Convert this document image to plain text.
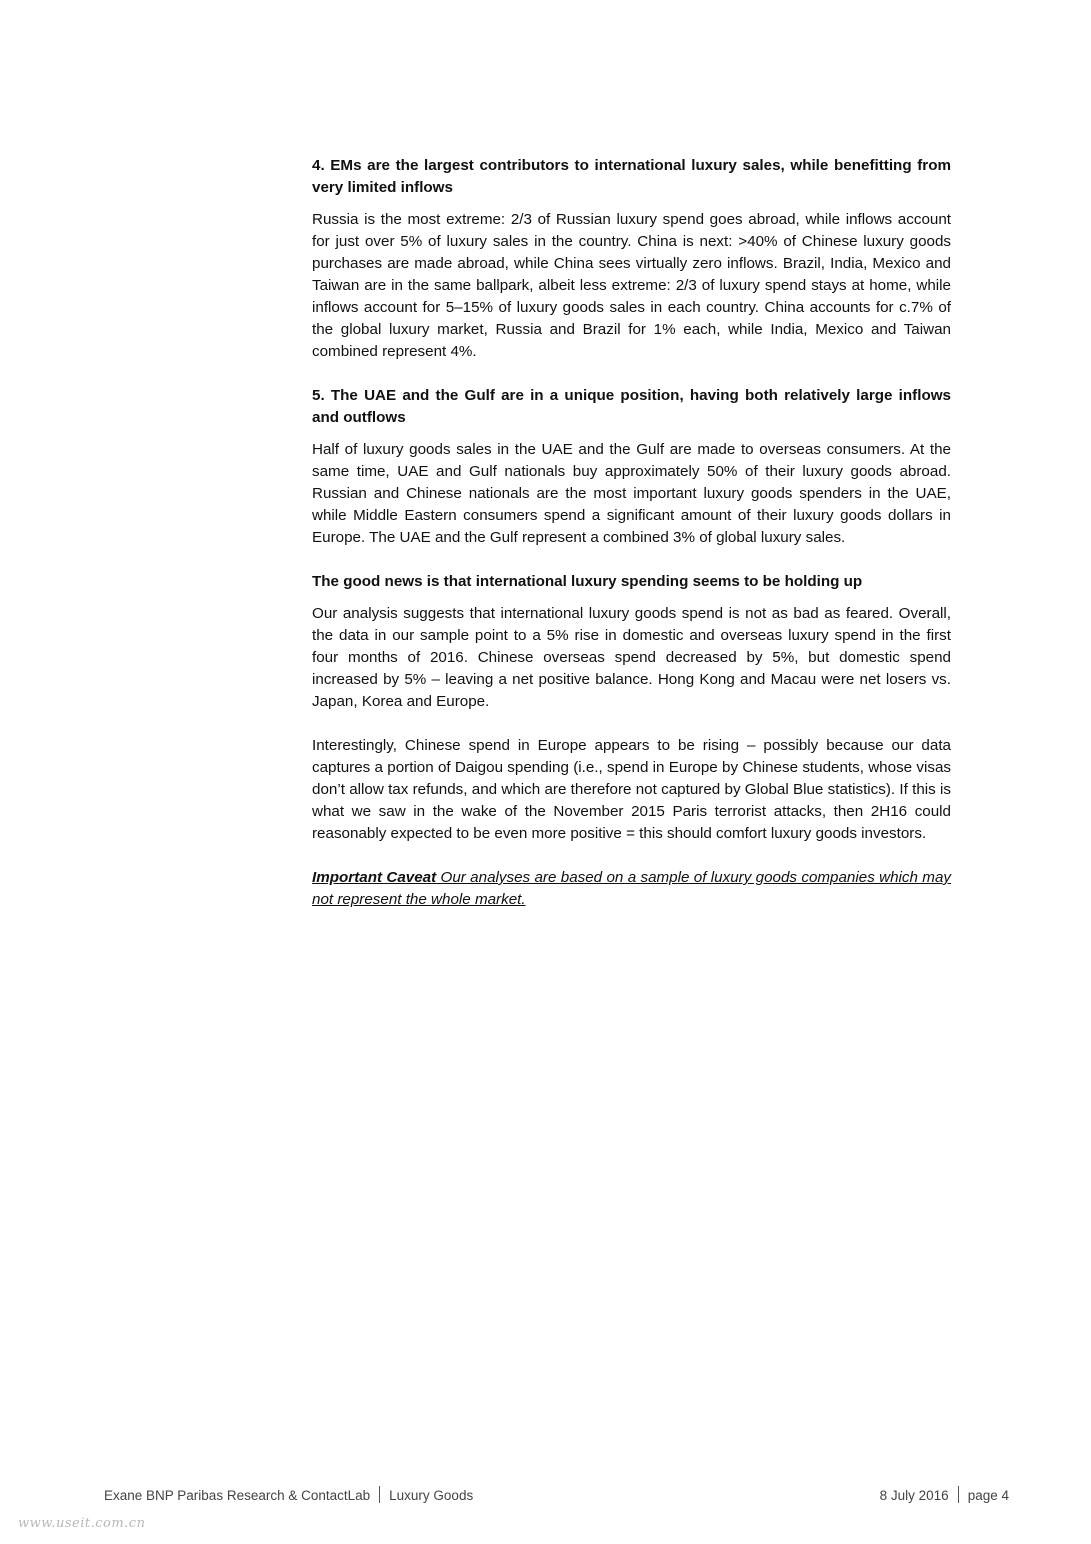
4. EMs are the largest contributors to international luxury sales, while benefitting from very limited inflows

Russia is the most extreme: 2/3 of Russian luxury spend goes abroad, while inflows account for just over 5% of luxury sales in the country. China is next: >40% of Chinese luxury goods purchases are made abroad, while China sees virtually zero inflows. Brazil, India, Mexico and Taiwan are in the same ballpark, albeit less extreme: 2/3 of luxury spend stays at home, while inflows account for 5–15% of luxury goods sales in each country. China accounts for c.7% of the global luxury market, Russia and Brazil for 1% each, while India, Mexico and Taiwan combined represent 4%.

5. The UAE and the Gulf are in a unique position, having both relatively large inflows and outflows

Half of luxury goods sales in the UAE and the Gulf are made to overseas consumers. At the same time, UAE and Gulf nationals buy approximately 50% of their luxury goods abroad. Russian and Chinese nationals are the most important luxury goods spenders in the UAE, while Middle Eastern consumers spend a significant amount of their luxury goods dollars in Europe. The UAE and the Gulf represent a combined 3% of global luxury sales.

The good news is that international luxury spending seems to be holding up

Our analysis suggests that international luxury goods spend is not as bad as feared. Overall, the data in our sample point to a 5% rise in domestic and overseas luxury spend in the first four months of 2016. Chinese overseas spend decreased by 5%, but domestic spend increased by 5% – leaving a net positive balance. Hong Kong and Macau were net losers vs. Japan, Korea and Europe.

Interestingly, Chinese spend in Europe appears to be rising – possibly because our data captures a portion of Daigou spending (i.e., spend in Europe by Chinese students, whose visas don’t allow tax refunds, and which are therefore not captured by Global Blue statistics). If this is what we saw in the wake of the November 2015 Paris terrorist attacks, then 2H16 could reasonably expected to be even more positive = this should comfort luxury goods investors.

Important Caveat Our analyses are based on a sample of luxury goods companies which may not represent the whole market.

Exane BNP Paribas Research & ContactLab Luxury Goods	8 July 2016 page 4
www.useit.com.cn
